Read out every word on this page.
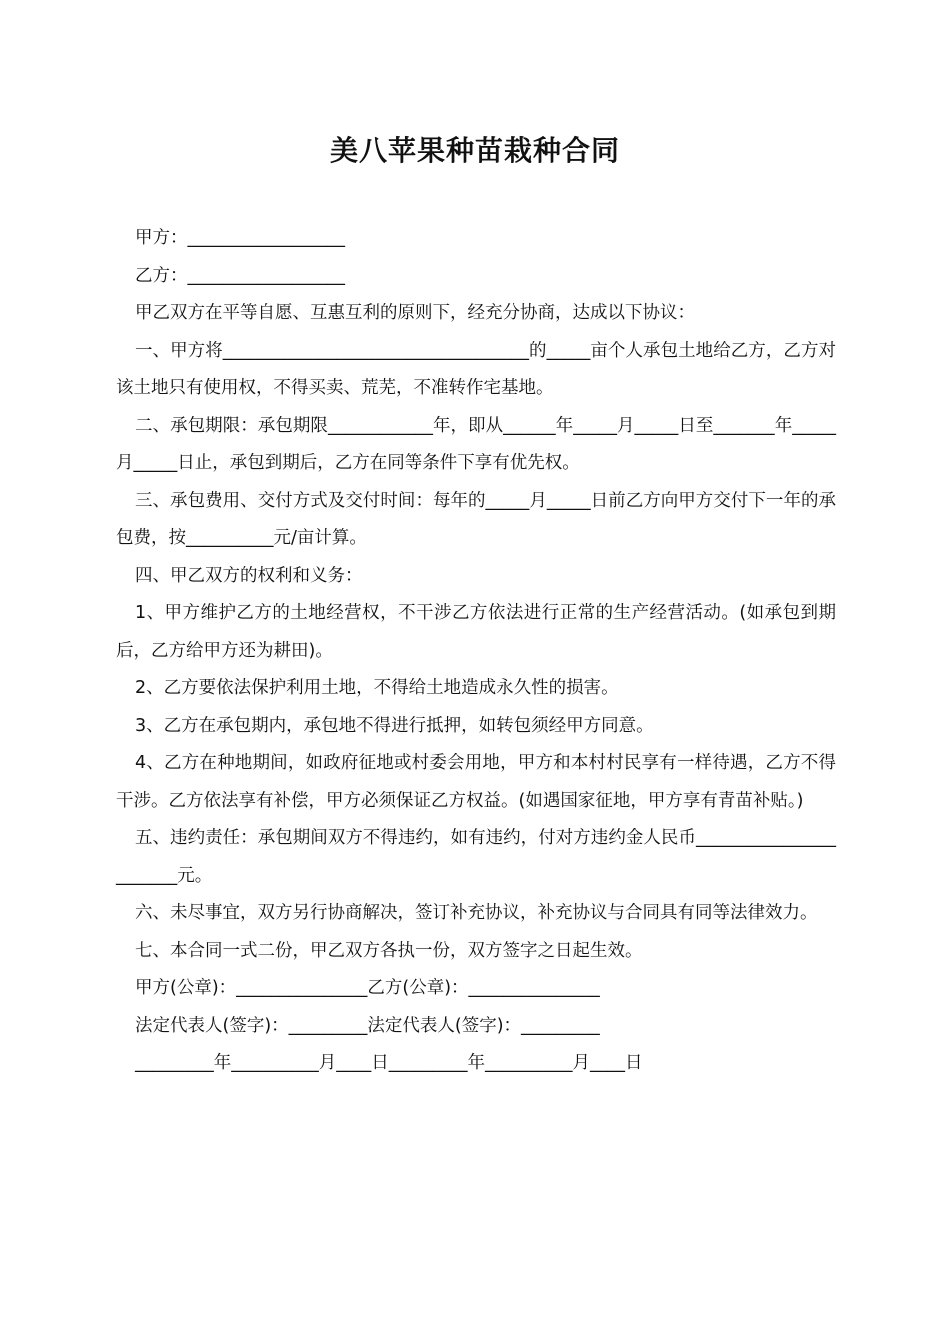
美八苹果种苗栽种合同

甲方：__________________

乙方：__________________

甲乙双方在平等自愿、互惠互利的原则下，经充分协商，达成以下协议：

一、甲方将___________________________________的_____亩个人承包土地给乙方，乙方对该土地只有使用权，不得买卖、荒芜，不准转作宅基地。

二、承包期限：承包期限____________年，即从______年_____月_____日至_______年_____月_____日止，承包到期后，乙方在同等条件下享有优先权。

三、承包费用、交付方式及交付时间：每年的_____月_____日前乙方向甲方交付下一年的承包费，按__________元/亩计算。

四、甲乙双方的权利和义务：

1、甲方维护乙方的土地经营权，不干涉乙方依法进行正常的生产经营活动。(如承包到期后，乙方给甲方还为耕田)。

2、乙方要依法保护利用土地，不得给土地造成永久性的损害。

3、乙方在承包期内，承包地不得进行抵押，如转包须经甲方同意。

4、乙方在种地期间，如政府征地或村委会用地，甲方和本村村民享有一样待遇，乙方不得干涉。乙方依法享有补偿，甲方必须保证乙方权益。(如遇国家征地，甲方享有青苗补贴。)

五、违约责任：承包期间双方不得违约，如有违约，付对方违约金人民币_______________________元。

六、未尽事宜，双方另行协商解决，签订补充协议，补充协议与合同具有同等法律效力。

七、本合同一式二份，甲乙双方各执一份，双方签字之日起生效。

甲方(公章)：_______________乙方(公章)：_______________

法定代表人(签字)：_________法定代表人(签字)：_________

_________年__________月____日_________年__________月____日
